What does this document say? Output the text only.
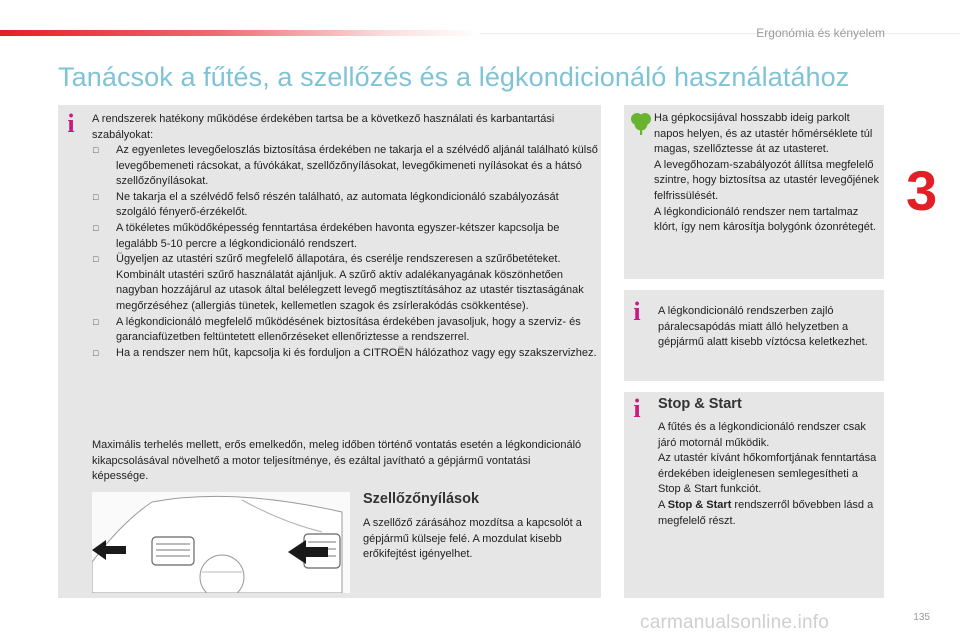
Ergonómia és kényelem
Tanácsok a fűtés, a szellőzés és a légkondicionáló használatához
3
i A rendszerek hatékony működése érdekében tartsa be a következő használati és karbantartási szabályokat:
□ Az egyenletes levegőeloszlás biztosítása érdekében ne takarja el a szélvédő aljánál található külső levegőbemeneti rácsokat, a fúvókákat, szellőzőnyílásokat, levegőkimeneti nyílásokat és a hátsó szellőzőnyílásokat.
□ Ne takarja el a szélvédő felső részén található, az automata légkondicionáló szabályozását szolgáló fényerő-érzékelőt.
□ A tökéletes működőképesség fenntartása érdekében havonta egyszer-kétszer kapcsolja be legalább 5-10 percre a légkondicionáló rendszert.
□ Ügyeljen az utastéri szűrő megfelelő állapotára, és cserélje rendszeresen a szűrőbetéteket.
Kombinált utastéri szűrő használatát ajánljuk. A szűrő aktív adalékanyagának köszönhetően nagyban hozzájárul az utasok által belélegzett levegő megtisztításához az utastér tisztaságának megőrzéséhez (allergiás tünetek, kellemetlen szagok és zsírlerakódás csökkentése).
□ A légkondicionáló megfelelő működésének biztosítása érdekében javasoljuk, hogy a szerviz- és garanciafüzetben feltüntetett ellenőrzéseket ellenőriztesse a rendszerrel.
□ Ha a rendszer nem hűt, kapcsolja ki és forduljon a CITROËN hálózathoz vagy egy szakszervizhez.
Maximális terhelés mellett, erős emelkedőn, meleg időben történő vontatás esetén a légkondicionáló kikapcsolásával növelhető a motor teljesítménye, és ezáltal javítható a gépjármű vontatási képessége.
Szellőzőnyílások
A szellőző zárásához mozdítsa a kapcsolót a gépjármű külseje felé. A mozdulat kisebb erőkifejtést igényelhet.
Ha gépkocsijával hosszabb ideig parkolt napos helyen, és az utastér hőmérséklete túl magas, szellőztesse át az utasteret.
A levegőhozam-szabályozót állítsa megfelelő szintre, hogy biztosítsa az utastér levegőjének felfrissülését.
A légkondicionáló rendszer nem tartalmaz klórt, így nem károsítja bolygónk ózonrétegét.
i A légkondicionáló rendszerben zajló páralecsapódás miatt álló helyzetben a gépjármű alatt kisebb víztócsa keletkezhet.
i Stop & Start
A fűtés és a légkondicionáló rendszer csak járó motornál működik.
Az utastér kívánt hőkomfortjának fenntartása érdekében ideiglenesen semlegesítheti a Stop & Start funkciót.
A Stop & Start rendszerről bővebben lásd a megfelelő részt.
carmanualsonline.info	135
